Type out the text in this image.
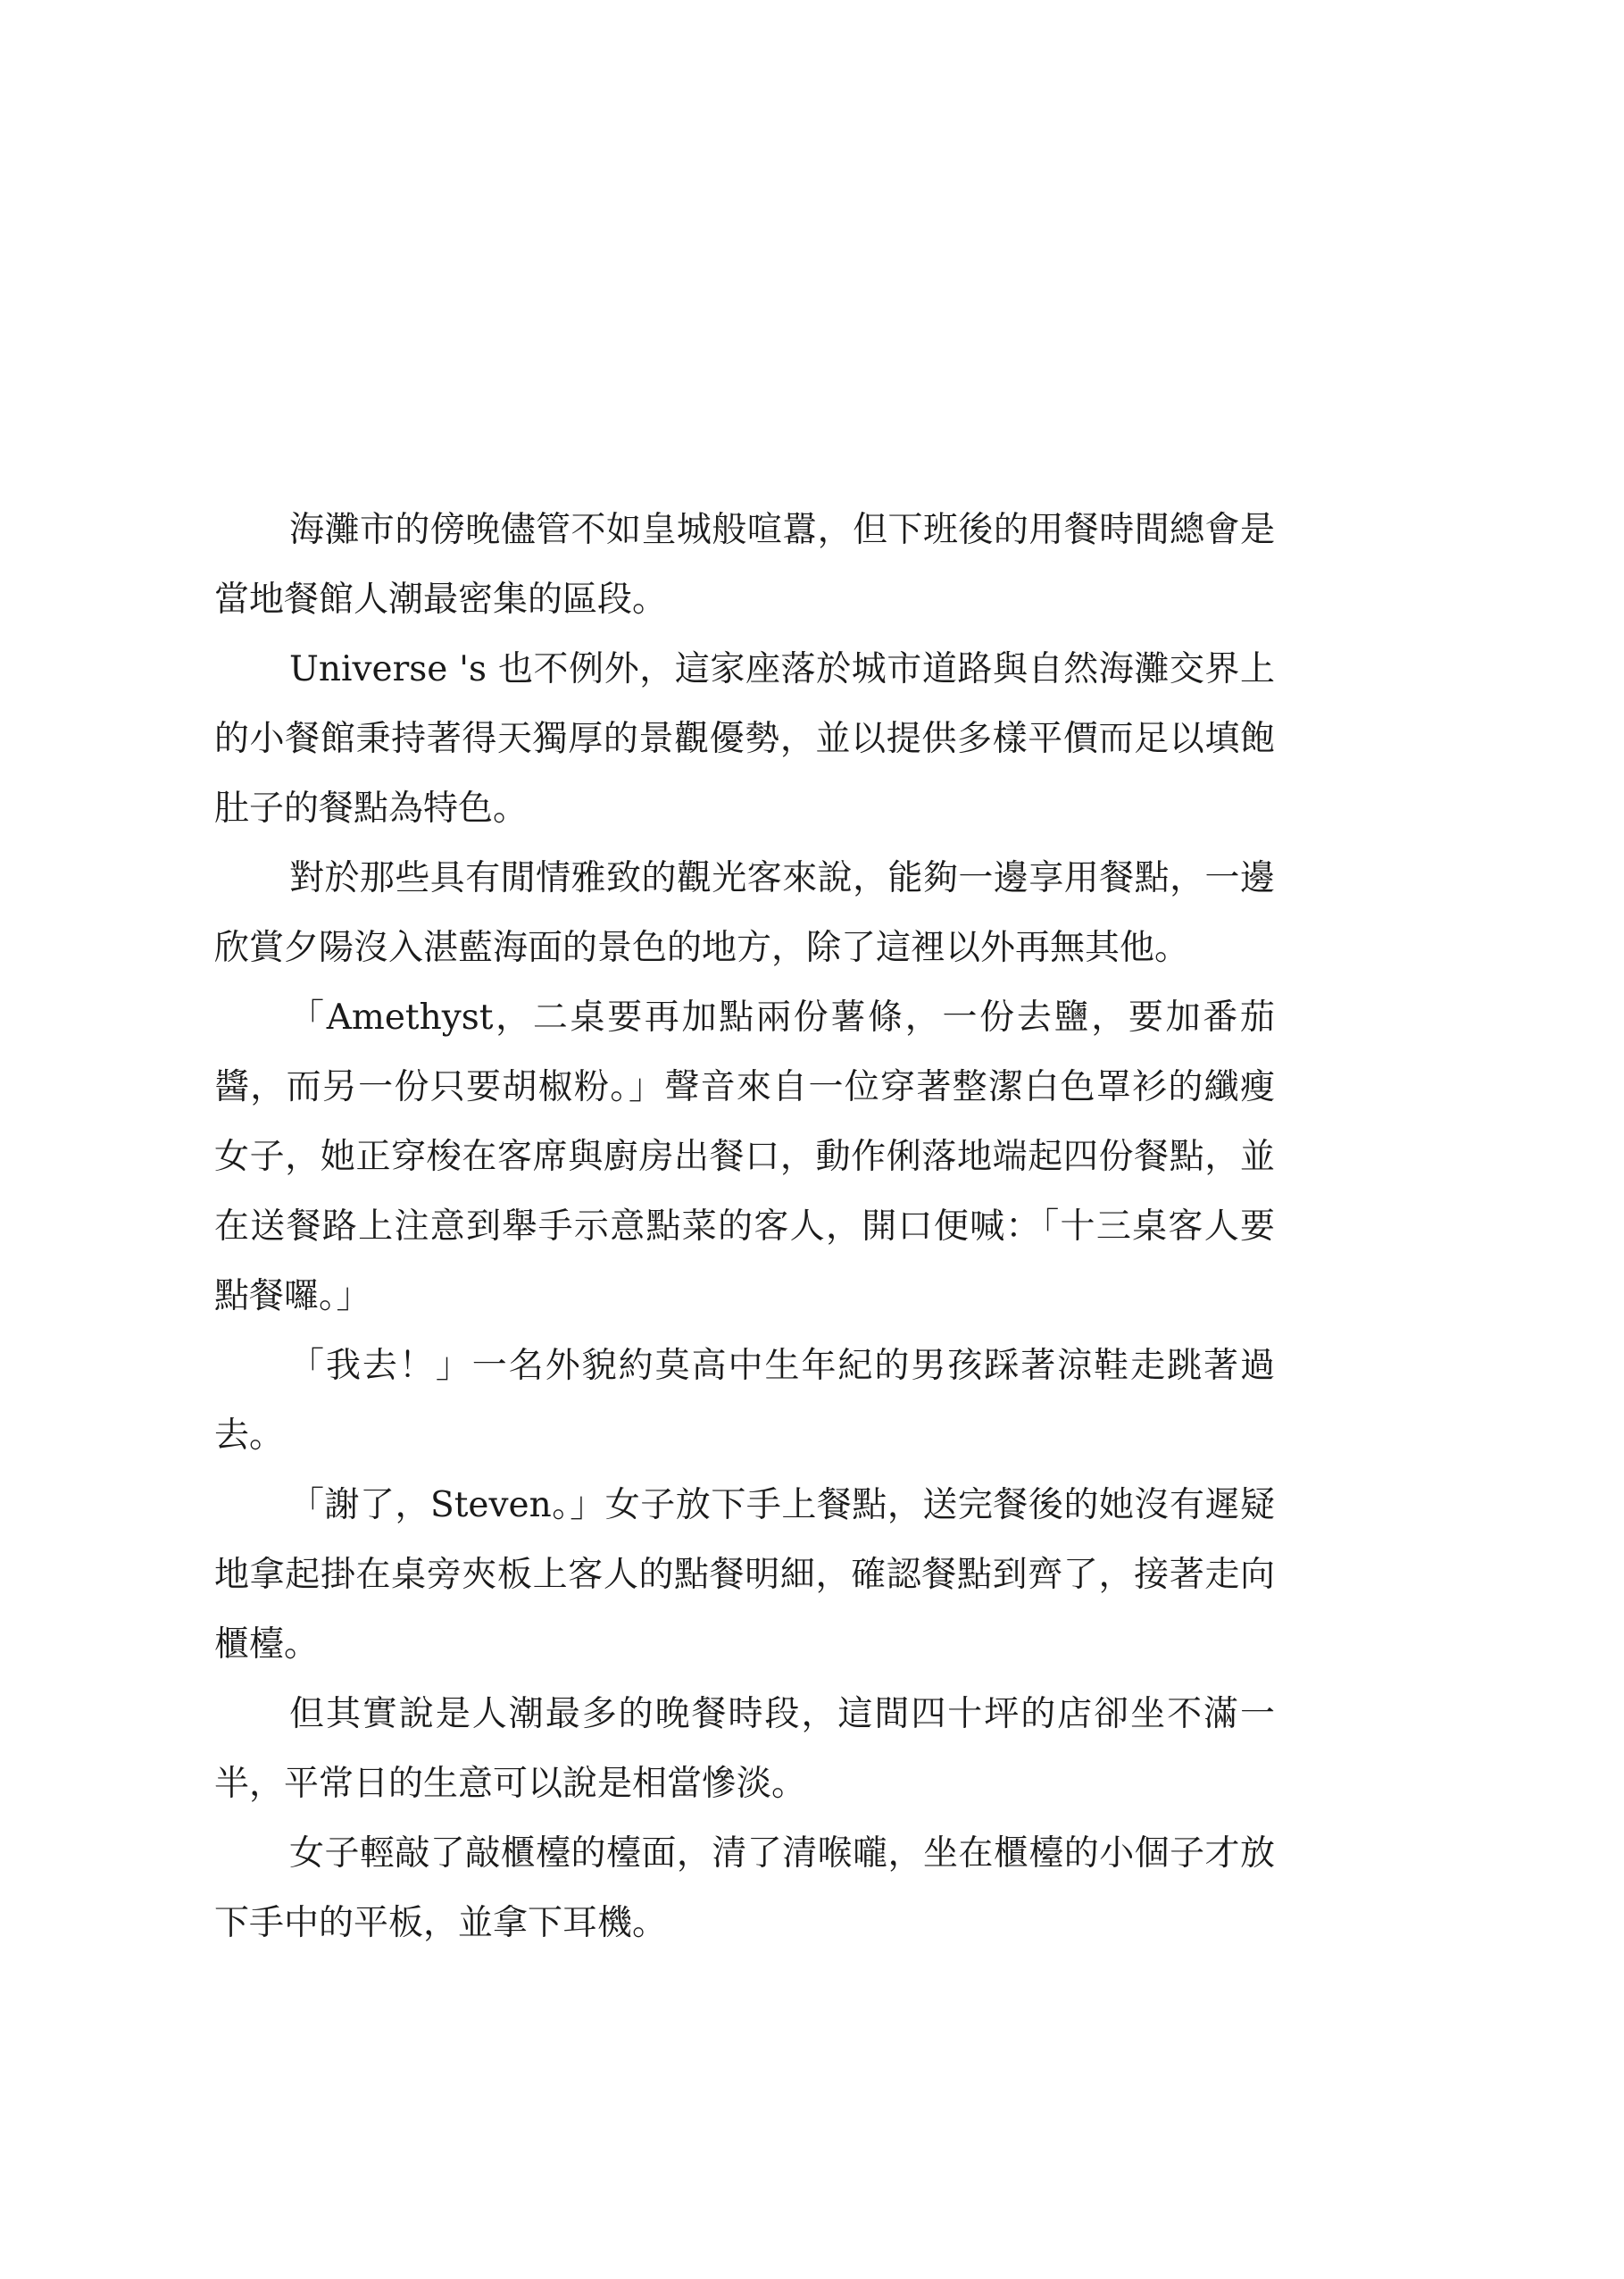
海灘市的傍晚儘管不如皇城般喧囂，但下班後的用餐時間總會是當地餐館人潮最密集的區段。

Universe 's 也不例外，這家座落於城市道路與自然海灘交界上的小餐館秉持著得天獨厚的景觀優勢，並以提供多樣平價而足以填飽肚子的餐點為特色。

對於那些具有閒情雅致的觀光客來說，能夠一邊享用餐點，一邊欣賞夕陽沒入湛藍海面的景色的地方，除了這裡以外再無其他。

「Amethyst，二桌要再加點兩份薯條，一份去鹽，要加番茄醬，而另一份只要胡椒粉。」聲音來自一位穿著整潔白色罩衫的纖瘦女子，她正穿梭在客席與廚房出餐口，動作俐落地端起四份餐點，並在送餐路上注意到舉手示意點菜的客人，開口便喊：「十三桌客人要點餐囉。」

「我去！」一名外貌約莫高中生年紀的男孩踩著涼鞋走跳著過去。

「謝了，Steven。」女子放下手上餐點，送完餐後的她沒有遲疑地拿起掛在桌旁夾板上客人的點餐明細，確認餐點到齊了，接著走向櫃檯。

但其實說是人潮最多的晚餐時段，這間四十坪的店卻坐不滿一半，平常日的生意可以說是相當慘淡。

女子輕敲了敲櫃檯的檯面，清了清喉嚨，坐在櫃檯的小個子才放下手中的平板，並拿下耳機。
